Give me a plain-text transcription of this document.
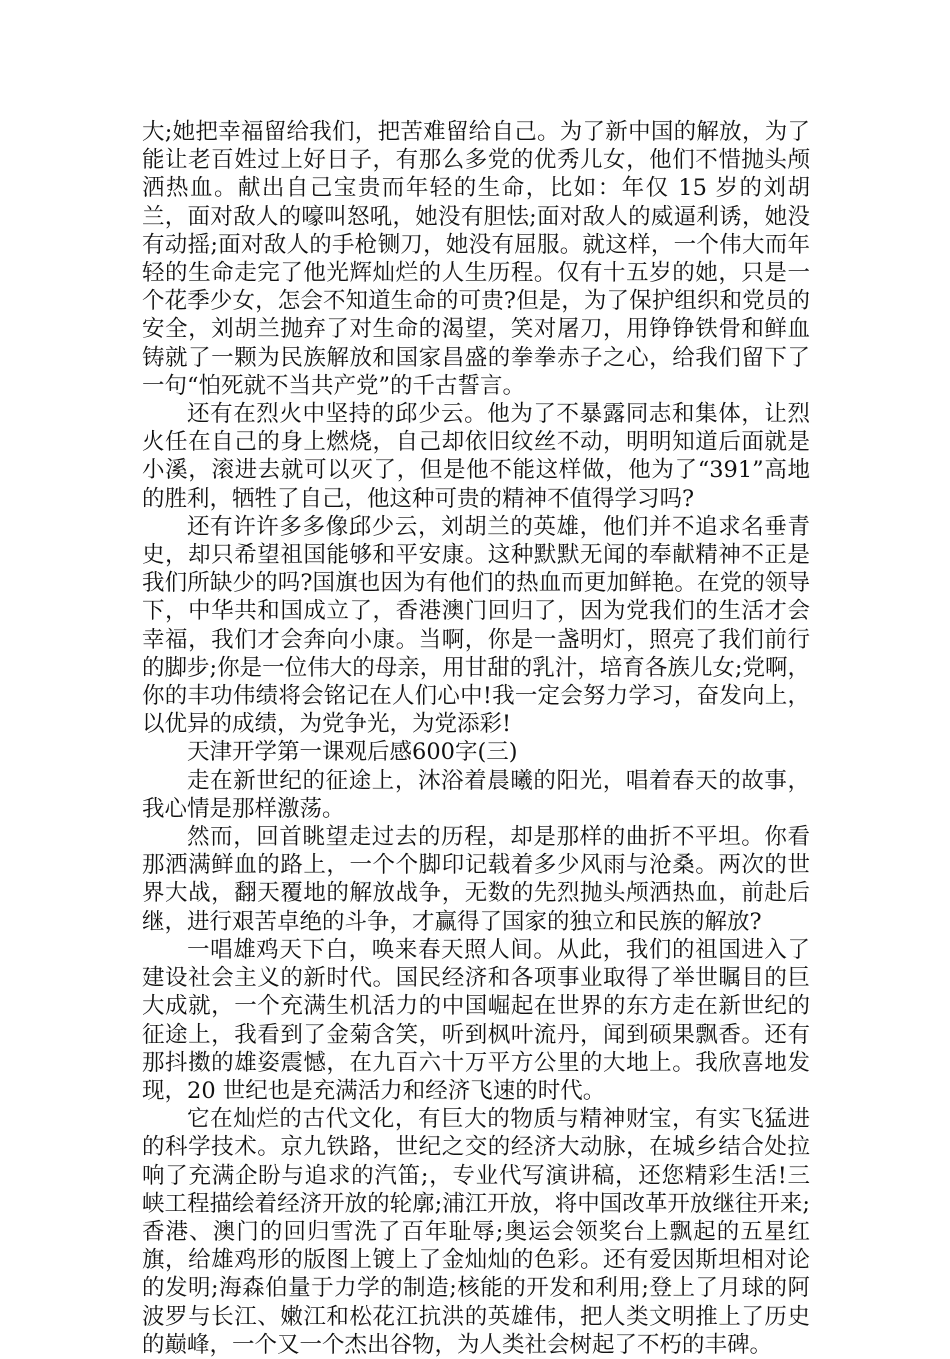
大;她把幸福留给我们，把苦难留给自己。为了新中国的解放，为了能让老百姓过上好日子，有那么多党的优秀儿女，他们不惜抛头颅洒热血。献出自己宝贵而年轻的生命，比如：年仅 15 岁的刘胡兰，面对敌人的嚎叫怒吼，她没有胆怯;面对敌人的威逼利诱，她没有动摇;面对敌人的手枪铡刀，她没有屈服。就这样，一个伟大而年轻的生命走完了他光辉灿烂的人生历程。仅有十五岁的她，只是一个花季少女，怎会不知道生命的可贵?但是，为了保护组织和党员的安全，刘胡兰抛弃了对生命的渴望，笑对屠刀，用铮铮铁骨和鲜血铸就了一颗为民族解放和国家昌盛的拳拳赤子之心，给我们留下了一句“怕死就不当共产党”的千古誓言。

还有在烈火中坚持的邱少云。他为了不暴露同志和集体，让烈火任在自己的身上燃烧，自己却依旧纹丝不动，明明知道后面就是小溪，滚进去就可以灭了，但是他不能这样做，他为了“391”高地的胜利，牺牲了自己，他这种可贵的精神不值得学习吗?

还有许许多多像邱少云，刘胡兰的英雄，他们并不追求名垂青史，却只希望祖国能够和平安康。这种默默无闻的奉献精神不正是我们所缺少的吗?国旗也因为有他们的热血而更加鲜艳。在党的领导下，中华共和国成立了，香港澳门回归了，因为党我们的生活才会幸福，我们才会奔向小康。当啊，你是一盏明灯，照亮了我们前行的脚步;你是一位伟大的母亲，用甘甜的乳汁，培育各族儿女;党啊，你的丰功伟绩将会铭记在人们心中!我一定会努力学习，奋发向上，以优异的成绩，为党争光，为党添彩!

天津开学第一课观后感600字(三)

走在新世纪的征途上，沐浴着晨曦的阳光，唱着春天的故事，我心情是那样激荡。

然而，回首眺望走过去的历程，却是那样的曲折不平坦。你看那洒满鲜血的路上，一个个脚印记载着多少风雨与沧桑。两次的世界大战，翻天覆地的解放战争，无数的先烈抛头颅洒热血，前赴后继，进行艰苦卓绝的斗争，才赢得了国家的独立和民族的解放?

一唱雄鸡天下白，唤来春天照人间。从此，我们的祖国进入了建设社会主义的新时代。国民经济和各项事业取得了举世瞩目的巨大成就，一个充满生机活力的中国崛起在世界的东方走在新世纪的征途上，我看到了金菊含笑，听到枫叶流丹，闻到硕果飘香。还有那抖擞的雄姿震憾，在九百六十万平方公里的大地上。我欣喜地发现，20 世纪也是充满活力和经济飞速的时代。

它在灿烂的古代文化，有巨大的物质与精神财宝，有实飞猛进的科学技术。京九铁路，世纪之交的经济大动脉，在城乡结合处拉响了充满企盼与追求的汽笛;，专业代写演讲稿，还您精彩生活!三峡工程描绘着经济开放的轮廓;浦江开放，将中国改革开放继往开来;香港、澳门的回归雪洗了百年耻辱;奥运会领奖台上飘起的五星红旗，给雄鸡形的版图上镀上了金灿灿的色彩。还有爱因斯坦相对论的发明;海森伯量于力学的制造;核能的开发和利用;登上了月球的阿波罗与长江、嫩江和松花江抗洪的英雄伟，把人类文明推上了历史的巅峰，一个又一个杰出谷物，为人类社会树起了不朽的丰碑。
